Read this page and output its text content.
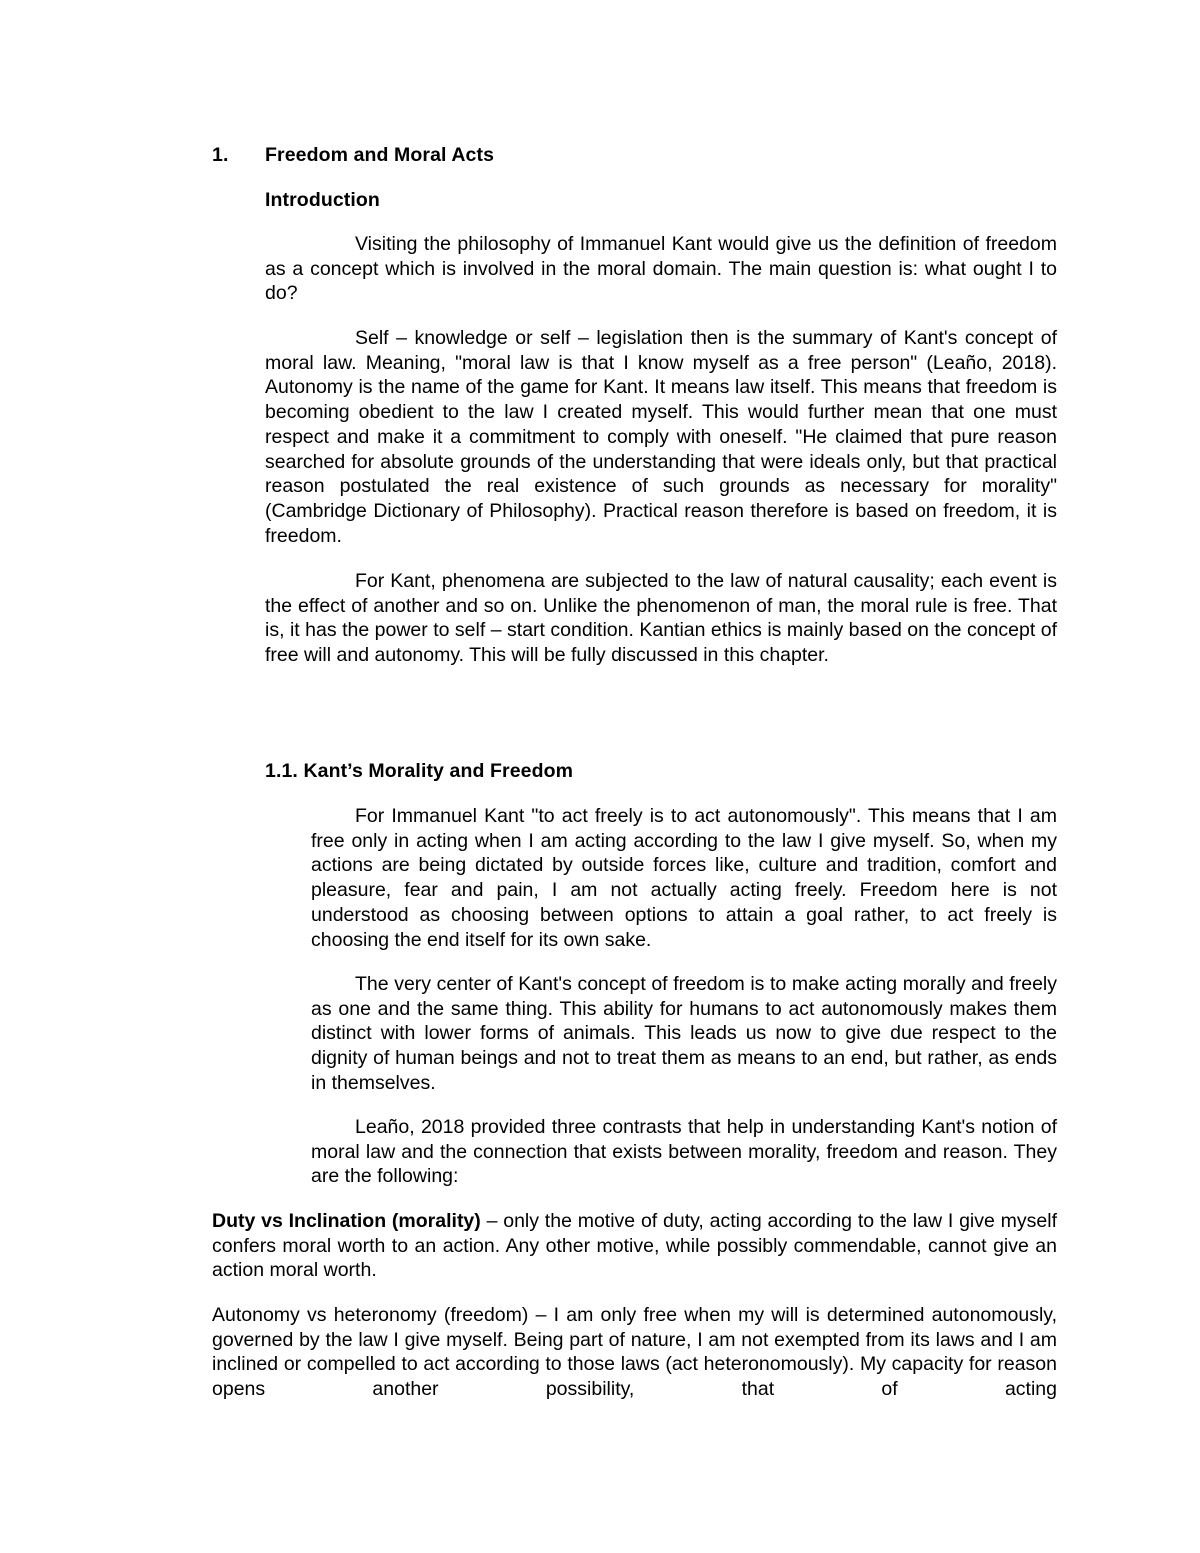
1. Freedom and Moral Acts
Introduction

Visiting the philosophy of Immanuel Kant would give us the definition of freedom as a concept which is involved in the moral domain. The main question is: what ought I to do?

Self – knowledge or self – legislation then is the summary of Kant's concept of moral law. Meaning, "moral law is that I know myself as a free person" (Leaño, 2018). Autonomy is the name of the game for Kant. It means law itself. This means that freedom is becoming obedient to the law I created myself. This would further mean that one must respect and make it a commitment to comply with oneself. "He claimed that pure reason searched for absolute grounds of the understanding that were ideals only, but that practical reason postulated the real existence of such grounds as necessary for morality" (Cambridge Dictionary of Philosophy). Practical reason therefore is based on freedom, it is freedom.

For Kant, phenomena are subjected to the law of natural causality; each event is the effect of another and so on. Unlike the phenomenon of man, the moral rule is free. That is, it has the power to self – start condition. Kantian ethics is mainly based on the concept of free will and autonomy. This will be fully discussed in this chapter.

1.1. Kant’s Morality and Freedom

For Immanuel Kant "to act freely is to act autonomously". This means that I am free only in acting when I am acting according to the law I give myself. So, when my actions are being dictated by outside forces like, culture and tradition, comfort and pleasure, fear and pain, I am not actually acting freely. Freedom here is not understood as choosing between options to attain a goal rather, to act freely is choosing the end itself for its own sake.

The very center of Kant's concept of freedom is to make acting morally and freely as one and the same thing. This ability for humans to act autonomously makes them distinct with lower forms of animals. This leads us now to give due respect to the dignity of human beings and not to treat them as means to an end, but rather, as ends in themselves.

Leaño, 2018 provided three contrasts that help in understanding Kant's notion of moral law and the connection that exists between morality, freedom and reason. They are the following:

Duty vs Inclination (morality) – only the motive of duty, acting according to the law I give myself confers moral worth to an action. Any other motive, while possibly commendable, cannot give an action moral worth.

Autonomy vs heteronomy (freedom) – I am only free when my will is determined autonomously, governed by the law I give myself. Being part of nature, I am not exempted from its laws and I am inclined or compelled to act according to those laws (act heteronomously). My capacity for reason opens another possibility, that of acting
